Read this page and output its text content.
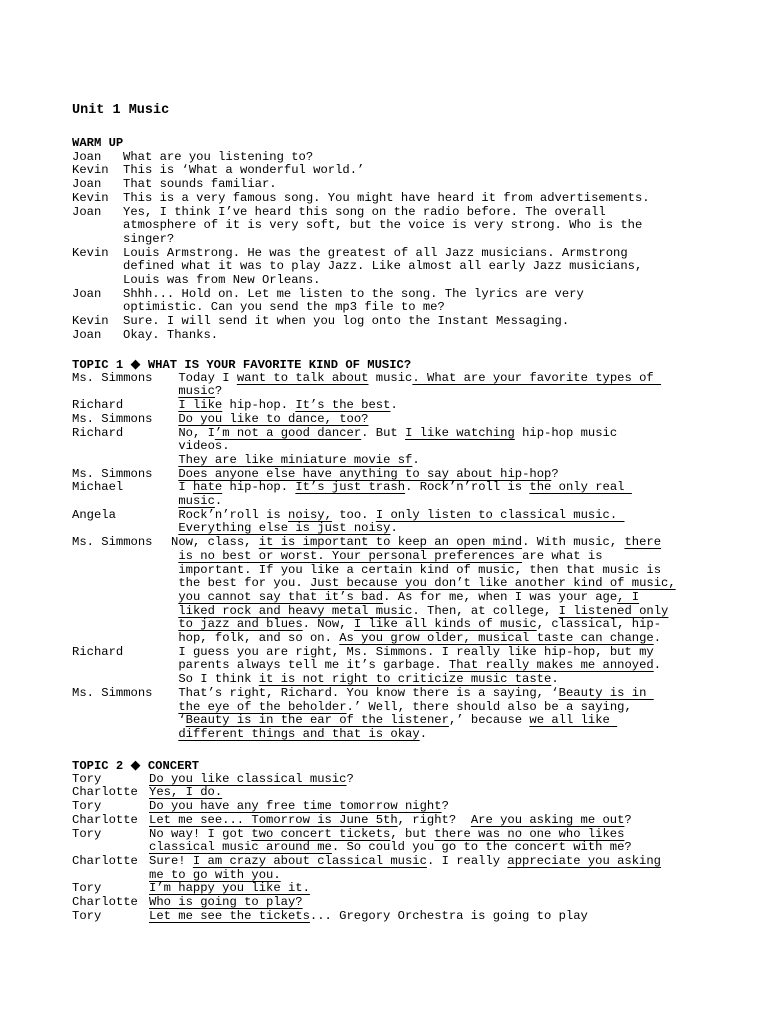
Unit 1 Music
WARM UP
Joan	What are you listening to?
Kevin	This is ‘What a wonderful world.’
Joan	That sounds familiar.
Kevin	This is a very famous song. You might have heard it from advertisements.
Joan	Yes, I think I’ve heard this song on the radio before. The overall
atmosphere of it is very soft, but the voice is very strong. Who is the
singer?
Kevin	Louis Armstrong. He was the greatest of all Jazz musicians. Armstrong
defined what it was to play Jazz. Like almost all early Jazz musicians,
Louis was from New Orleans.
Joan	Shhh... Hold on. Let me listen to the song. The lyrics are very
optimistic. Can you send the mp3 file to me?
Kevin	Sure. I will send it when you log onto the Instant Messaging.
Joan	Okay. Thanks.
TOPIC 1 ◆ WHAT IS YOUR FAVORITE KIND OF MUSIC?
Ms. Simmons	Today I want to talk about music. What are your favorite types of
music?
Richard	I like hip-hop. It’s the best.
Ms. Simmons	Do you like to dance, too?
Richard	No, I’m not a good dancer. But I like watching hip-hop music
videos.
They are like miniature movie sf.
Ms. Simmons	Does anyone else have anything to say about hip-hop?
Michael	I hate hip-hop. It’s just trash. Rock’n’roll is the only real
music.
Angela	Rock’n’roll is noisy, too. I only listen to classical music.
Everything else is just noisy.
Ms. Simmons	Now, class, it is important to keep an open mind. With music, there
is no best or worst. Your personal preferences are what is
important. If you like a certain kind of music, then that music is
the best for you. Just because you don’t like another kind of music,
you cannot say that it’s bad. As for me, when I was your age, I
liked rock and heavy metal music. Then, at college, I listened only
to jazz and blues. Now, I like all kinds of music, classical, hip-
hop, folk, and so on. As you grow older, musical taste can change.
Richard	I guess you are right, Ms. Simmons. I really like hip-hop, but my
parents always tell me it’s garbage. That really makes me annoyed.
So I think it is not right to criticize music taste.
Ms. Simmons	That’s right, Richard. You know there is a saying, ‘Beauty is in
the eye of the beholder.’ Well, there should also be a saying,
‘Beauty is in the ear of the listener,’ because we all like
different things and that is okay.
TOPIC 2 ◆ CONCERT
Tory	Do you like classical music?
Charlotte Yes, I do.
Tory	Do you have any free time tomorrow night?
Charlotte Let me see... Tomorrow is June 5th, right?  Are you asking me out?
Tory	No way! I got two concert tickets, but there was no one who likes
classical music around me. So could you go to the concert with me?
Charlotte Sure! I am crazy about classical music. I really appreciate you asking
me to go with you.
Tory	I’m happy you like it.
Charlotte Who is going to play?
Tory	Let me see the tickets... Gregory Orchestra is going to play
